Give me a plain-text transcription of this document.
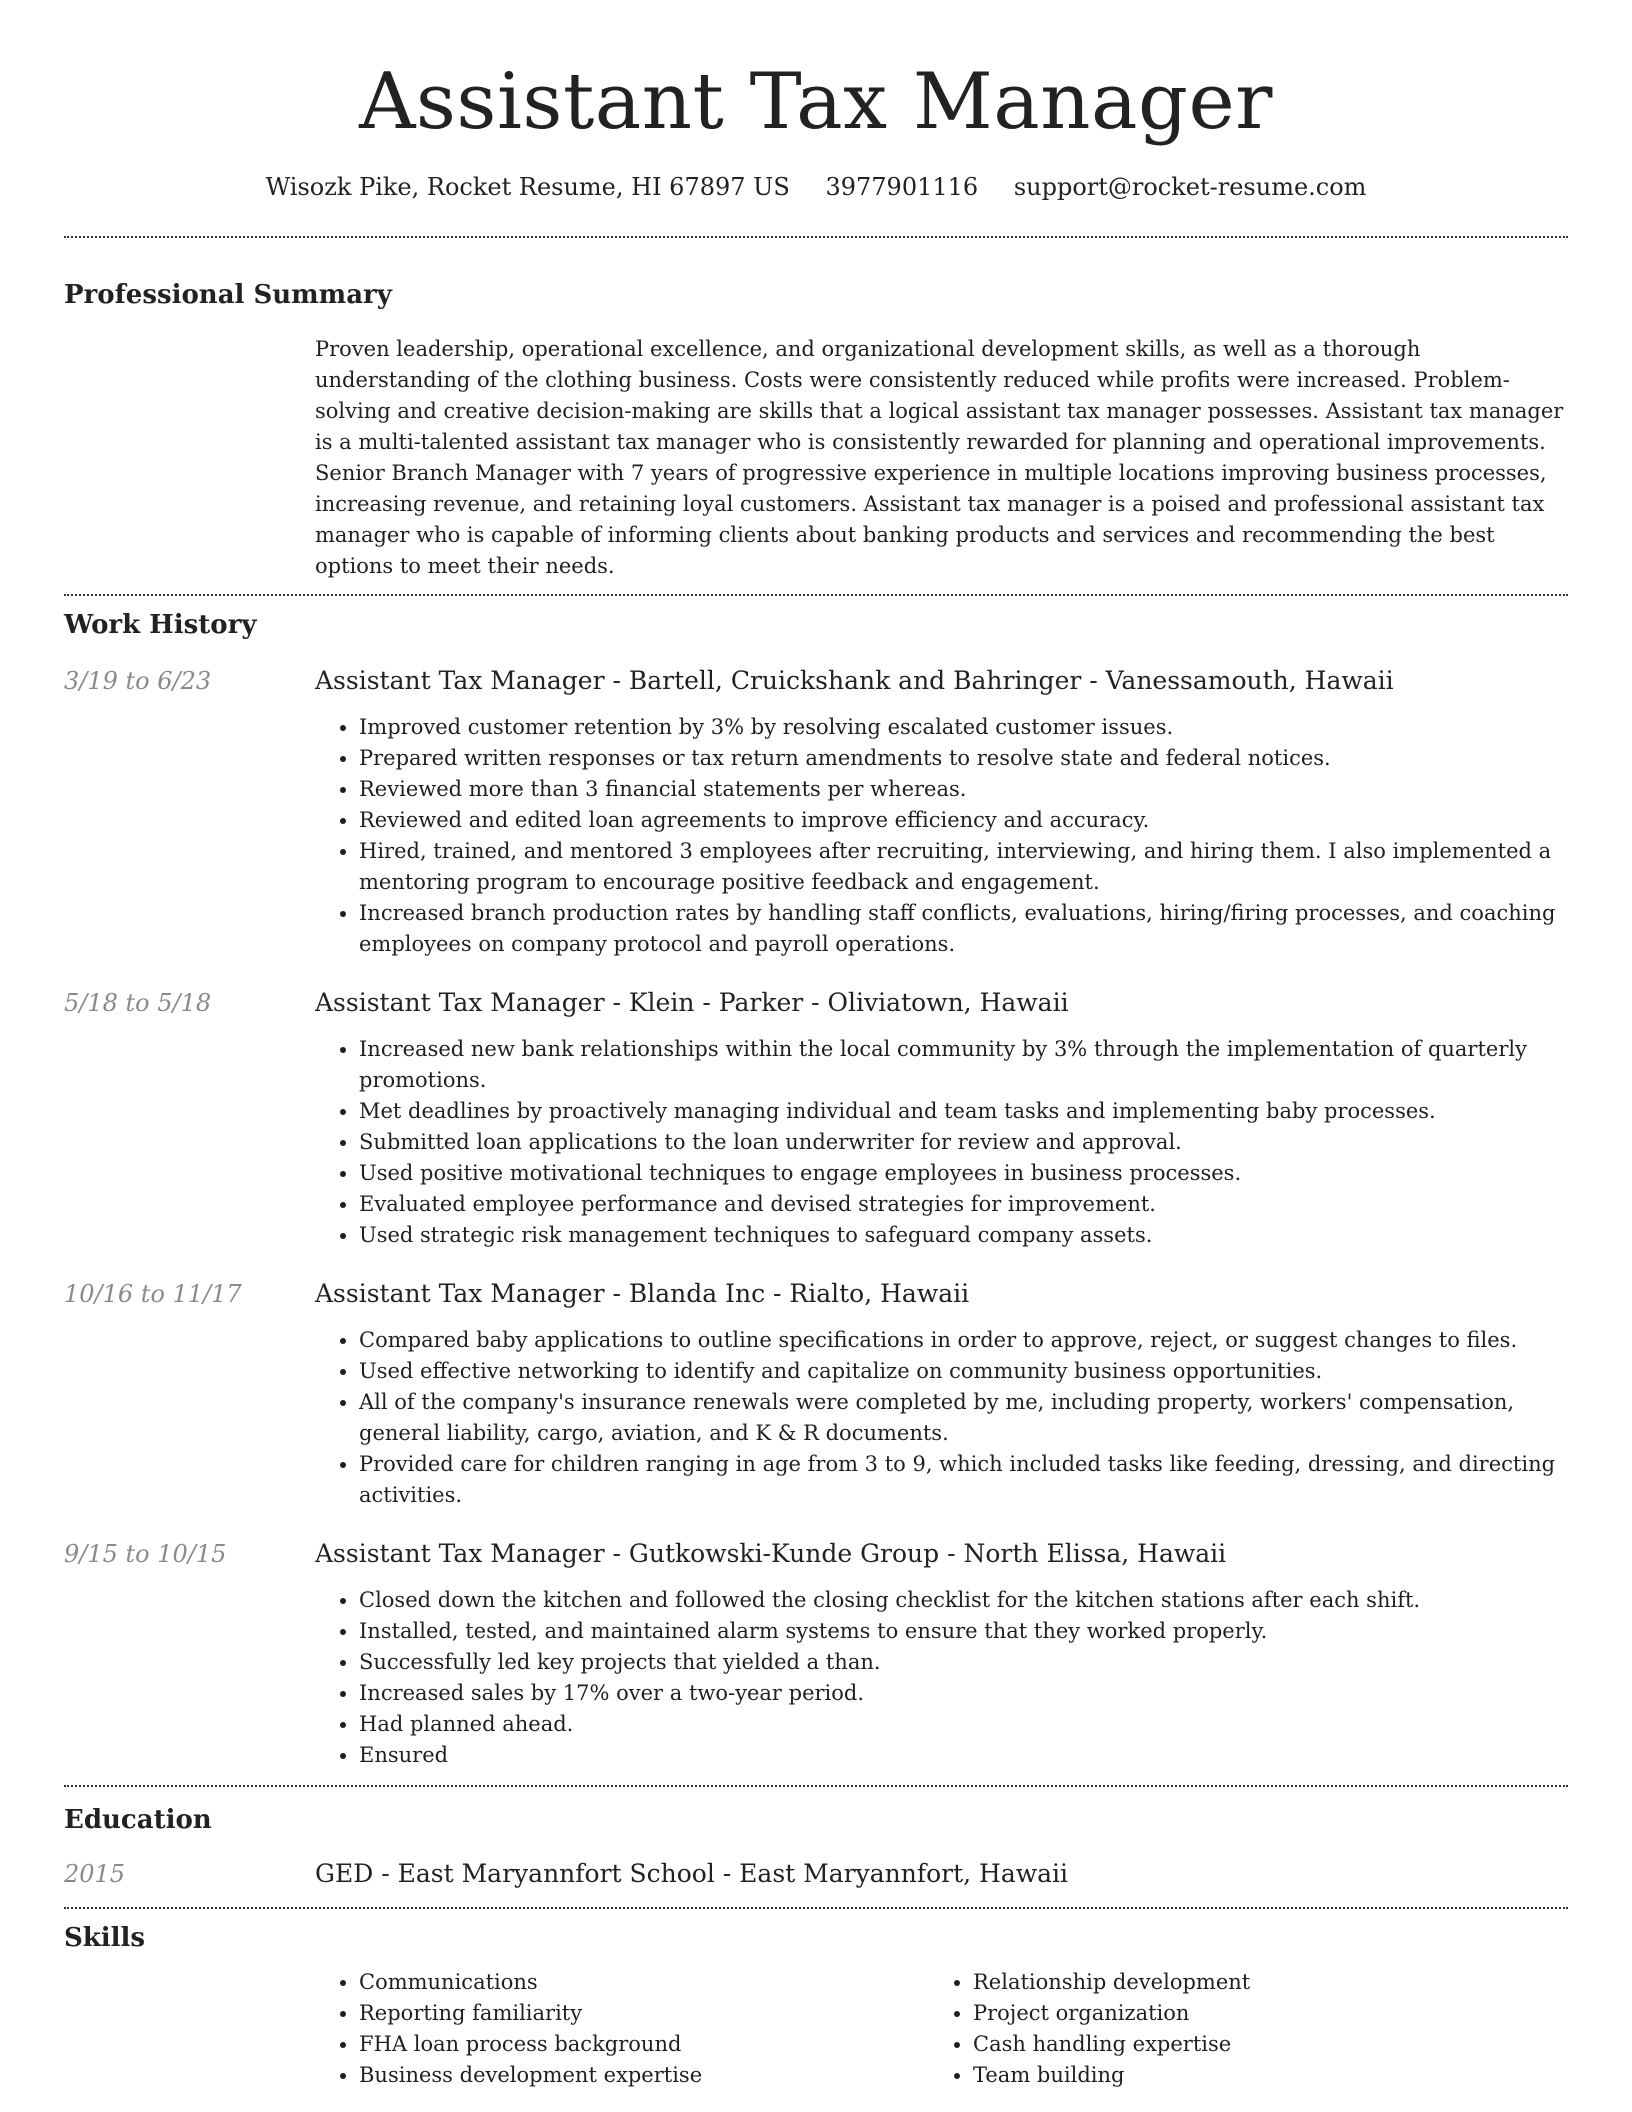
Assistant Tax Manager
Wisozk Pike, Rocket Resume, HI 67897 US 3977901116 support@rocket-resume.com
Professional Summary
Proven leadership, operational excellence, and organizational development skills, as well as a thorough understanding of the clothing business. Costs were consistently reduced while profits were increased. Problem-solving and creative decision-making are skills that a logical assistant tax manager possesses. Assistant tax manager is a multi-talented assistant tax manager who is consistently rewarded for planning and operational improvements. Senior Branch Manager with 7 years of progressive experience in multiple locations improving business processes, increasing revenue, and retaining loyal customers. Assistant tax manager is a poised and professional assistant tax manager who is capable of informing clients about banking products and services and recommending the best options to meet their needs.
Work History
3/19 to 6/23	Assistant Tax Manager - Bartell, Cruickshank and Bahringer - Vanessamouth, Hawaii
• Improved customer retention by 3% by resolving escalated customer issues.
• Prepared written responses or tax return amendments to resolve state and federal notices.
• Reviewed more than 3 financial statements per whereas.
• Reviewed and edited loan agreements to improve efficiency and accuracy.
• Hired, trained, and mentored 3 employees after recruiting, interviewing, and hiring them. I also implemented a mentoring program to encourage positive feedback and engagement.
• Increased branch production rates by handling staff conflicts, evaluations, hiring/firing processes, and coaching employees on company protocol and payroll operations.
5/18 to 5/18	Assistant Tax Manager - Klein - Parker - Oliviatown, Hawaii
• Increased new bank relationships within the local community by 3% through the implementation of quarterly promotions.
• Met deadlines by proactively managing individual and team tasks and implementing baby processes.
• Submitted loan applications to the loan underwriter for review and approval.
• Used positive motivational techniques to engage employees in business processes.
• Evaluated employee performance and devised strategies for improvement.
• Used strategic risk management techniques to safeguard company assets.
10/16 to 11/17	Assistant Tax Manager - Blanda Inc - Rialto, Hawaii
• Compared baby applications to outline specifications in order to approve, reject, or suggest changes to files.
• Used effective networking to identify and capitalize on community business opportunities.
• All of the company's insurance renewals were completed by me, including property, workers' compensation, general liability, cargo, aviation, and K & R documents.
• Provided care for children ranging in age from 3 to 9, which included tasks like feeding, dressing, and directing activities.
9/15 to 10/15	Assistant Tax Manager - Gutkowski-Kunde Group - North Elissa, Hawaii
• Closed down the kitchen and followed the closing checklist for the kitchen stations after each shift.
• Installed, tested, and maintained alarm systems to ensure that they worked properly.
• Successfully led key projects that yielded a than.
• Increased sales by 17% over a two-year period.
• Had planned ahead.
• Ensured
Education
2015	GED - East Maryannfort School - East Maryannfort, Hawaii
Skills
• Communications
• Reporting familiarity
• FHA loan process background
• Business development expertise
• Relationship development
• Project organization
• Cash handling expertise
• Team building
